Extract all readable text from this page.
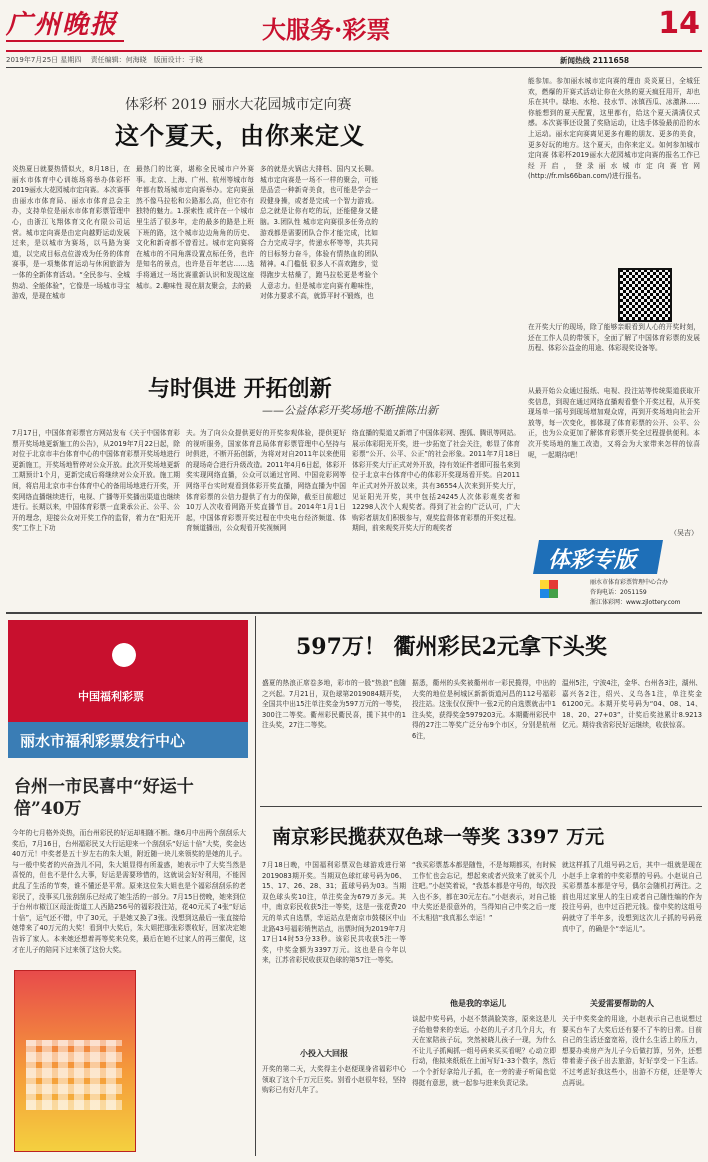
广州晚报	大服务·彩票	14
2019年7月25日 星期四　 责任编辑：何海晓　版面设计：于晓	新闻热线 2111658
体彩杯 2019 丽水大花园城市定向赛
这个夏天，由你来定义
炎热夏日就要热情似火，8月18日，在丽水市体育中心训练场将举办体彩杯2019丽水大花园城市定向赛。本次赛事由丽水市体育局、丽水市体育总会主办，支持单位是丽水市体育彩票管理中心，由浙江飞翔体育文化有限公司运营。城市定向赛是由定向越野运动发展过来，是以城市为赛场，以马路为赛道，以完成目标点位游戏为任务的体育赛事，是一项集体育运动与休闲旅游为一体的全新体育活动。“全民参与、全城热动、全能体验”，它像是一场城市寻宝游戏，是现在城市
最热门的比赛，堪称全民城市户外赛事。北京、上海、广州、杭州等城市每年都有数场城市定向赛举办。定向赛虽然不像马拉松和公路那么高，但它亦有独特的魅力。1.探索性 或许在一个城市里生活了很多年，走的最多的路是上班下班的路，这个城市边边角角的历史、文化和新奇都不曾看过。城市定向赛将在城市的不同角落设置点标任务，也许是知名的景点，也许是百年老店……选手将通过一场比赛重新认识和发现这座城市。2.趣味性 现在朋友聚会，去的最
多的就是火锅店大排档、国内又长聊。城市定向赛是一场不一样的聚会，可能是品尝一种新奇美食，也可能是学会一段健身操，或者是完成一个智力游戏。总之就是让你有吃的玩，还能健身又健脑。3.团队性 城市定向赛很多任务点的游戏都是需要团队合作才能完成，比如合力完成寻字，传递水杯等等，共共同的目标努力奋斗，体验有情热血的团队精神。4.门槛低 很多人不喜欢跑步，觉得跑步太枯燥了，跑马拉松更是考验个人意志力。但是城市定向赛有趣味性，对体力要求不高，就算平时不锻炼，也
能参加。参加丽水城市定向赛的理由 炎炎夏日，全城狂欢，燃爆的开赛式活动让你在火热的夏天疯狂用开，却也乐在其中。绿地、水枪、技水节、冰镇西瓜、冰激淋……你能想到的夏天配置，这里都有，给这个夏天满满仪式感。本次赛事还设置了奖励运动，让选手体验最前沿的水上运动。丽水定向赛离见更多有趣的朋友、更多的美食，更多好玩的地方。这个夏天，由你来定义。如何参加城市定向赛 体彩杯2019丽水大花园城市定向赛的报名工作已经开启，登录丽水城市定向赛官网(http://fr.mls66ban.com/)进行报名。
在开奖大厅的现场，除了能够亲眼看到人心的开奖时刻，还在工作人员的带领下，全面了解了中国体育彩票的发展历程、体彩公益金的用途、体彩现奖设备等。
与时俱进 开拓创新
——公益体彩开奖场地不断推陈出新
7月17日，中国体育彩票官方网站发布《关于中国体育彩票开奖场地更新施工的公告》，从2019年7月22日起，除对位于北京市丰台体育中心的中国体育彩票开奖场地进行更新施工，开奖场地暂停对公众开放。此次开奖场地更新工期预计1个月，更新完成后将继续对公众开放。施工期间，将启用北京市丰台体育中心的备用场地进行开奖，开奖网络直播继续进行，电视、广播等开奖播出渠道也继续进行。长期以来，中国体育彩票一直秉承公正、公平、公开的理念，迎接公众对开奖工作的监督，着力在“阳光开奖”工作上下功
夫。为了向公众提供更好的开奖参观体验，提供更好的视听服务，国家体育总局体育彩票管理中心坚持与时俱进，不断开拓创新，为将对对自2011年以来使用的现场奇合进行升级改造。2011年4月6日起，体彩开奖实现网络直播，公众可以通过官网、中国竞彩网等网络平台实时观看到体彩开奖直播，网络直播为中国体育彩票的公信力提供了有力的保障，截至目前超过10万人次收看网路开奖直播节目。2014年1月1日起，中国体育彩票开奖过程在中央电台经济频道、体育频道播出，公众观看开奖视频网
络直播的渠道又新增了中国体彩网、搜狐、腾讯等网站。展示体彩阳光开奖，进一步拓宽了社会关注，彰显了体育彩票“公开、公平、公正”的社会形象。2011年7月18日体彩开奖大厅正式对外开放，持有效证件者即可报名来到位于北京丰台体育中心的体彩开奖现场看开奖。自2011年正式对外开放以来，共有36554人次来到开奖大厅，见证阳光开奖，其中包括24245人次体彩观奖者和12298人次个人观奖者。得到了社会的广泛认可，广大购彩者朋友们积极参与，观奖监督体育彩票的开奖过程。期间，前来观奖开奖大厅的观奖者
从最开始公众通过报纸、电视、投注站等传统渠道获取开奖信息，到现在通过网络直播观看整个开奖过程，从开奖现场单一摇号到现场增加观众席，再到开奖场地向社会开放等，每一次变化，都体现了体育彩票的公开、公平、公正，也为公众更加了解体育彩票开奖全过程提供便利。本次开奖场地的施工改造，又将会为大家带来怎样的惊喜呢，一起期待吧！
（吴吉）
体彩专版
丽水市体育彩票管理中心合办
咨询电话：2051159
浙江体彩网：www.zjlottery.com
中国福利彩票
丽水市福利彩票发行中心
台州一市民喜中“好运十倍”40万
今年的七月格外炎热，而台州彩民的好运却相随不断。继6月中出两个刮刮乐大奖后，7月16日，台州福彩民又大行运迎来一个刮刮乐“好运十倍”大奖，奖金达40万元！中奖者是五十岁左右的朱大姐，附近随一块儿来领奖的是她的儿子。与一般中奖者的兴奋劲儿不同，朱大姐显得有所羞惑，她表示中了大奖当然是喜悦的，但也不是什么大事，好运是需要珍惜的，这就说会好好利用，不能因此乱了生活的节奏，谁不懂还是平常。原来这位朱大姐也是个福彩刮刮乐的老彩民了，没事买几张刮刮乐已经成了她生活的一部分。7月15日傍晚，她来到位于台州市椒江区葭沚街道工人西路256号的福彩投注站，花40元买了4张“好运十倍”，运气还不错，中了30元，于是她又换了3张。没想到这最后一张直接给她带来了40万元的大奖！看到中大奖后，朱大姐把那张彩票收好，回家决定她告诉了家人。本来她还想着再等奖来兑奖，最后在她不过家人的再三催促，这才在儿子的陪同下过来领了这份大奖。
597万！ 衢州彩民2元拿下头奖
盛夏的热浪正席卷多地，彩市的一股“热浪”也随之兴起。7月21日，双色球第2019084期开奖，全国共中出15注单注奖金为597万元的一等奖，300注二等奖。衢州彩民衢民喜，揽下其中的1注头奖，27注二等奖。
据悉，衢州的头奖被衢州市一彩民揽得，中出的大奖的地位是柯城区新新街道河昌的112号福彩投注站。这张仅仅预中一张2元的自选票就击中1注头奖，获得奖金5979203元。本期衢州彩民中得的27注二等奖广泛分布9个市区，分别是杭州6注，
温州5注，宁波4注，金华、台州各3注，湖州、嘉兴各2注，绍兴、义乌各1注，单注奖金61200元。本期开奖号码为“04、08、14、18、20、27+03”，计奖后奖池累计8.9213亿元。期待我省彩民好运继续，收获惊喜。
南京彩民揽获双色球一等奖 3397 万元
7月18日晚，中国福利彩票双色球游戏进行第2019083期开奖。当期双色球红球号码为06、15、17、26、28、31；蓝球号码为03。当期双色球头奖10注，单注奖金为679万多元。其中，南京彩民收获5注一等奖，这是一张花费20元的单式自选票，幸运站点是南京市鼓楼区中山北路43号福彩销售站点，出票时间为2019年7月17日14时53分33秒。该彩民共收获5注一等奖，中奖金额为3397万元。这也是自今年以来，江苏省彩民收获双色球的第57注一等奖。
小投入大回报
开奖的第二天，大奖得主小赵便现身省福彩中心领取了这个千万元巨奖。别看小赵很年轻，坚持购彩已有好几年了。
“我买彩票基本都是随性，不是每期都买，有时候工作忙也会忘记，想起来或者兴致来了就买个几注吧。”小赵笑着说，“我基本都是守号的，每次投入也不多，都在30元左右。”小赵表示，对自己能中大奖还是很意外的，当得知自己中奖之后一度不太相信“我真那么幸运！”
他是我的幸运儿
谈起中奖号码，小赵不禁满脸笑容，原来这是儿子给他带来的幸运。小赵的儿子才几个月大，有天在家陪孩子玩，突然被晓儿孩子一现，为什么不让儿子抓阄抓一组号码来买买看呢？心动立即行动，他拟来纸纸在上面写好1-33个数字，然后一个个折好拿给儿子抓，在一旁的妻子听闻也觉得挺有意思，就一起参与进来负责记录。
就这样抓了几组号码之后，其中一组就是现在小赵手上拿着的中奖彩票的号码。小赵说自己买彩票基本都是守号，偶尔会随机打两注。之前也用过家里人的生日或者自己随性编的作为投注号码，也中过百把元钱。像中奖的这组号码就守了半年多，没想到这次儿子抓的号码竟真中了，的确是个“幸运儿”。
关爱需要帮助的人
关于中奖奖金的用途，小赵表示自己也说想过要买台车了大奖后还有要不了车的日常。目前自己的生活还蛮宽裕，没什么生活上的压力，想要办卖房产为儿子今后做打算，另外，还想带着妻子孩子出去旅游，好好享受一下生活。不过考虑好我这些小，出游不方便，还是等大点再说。
